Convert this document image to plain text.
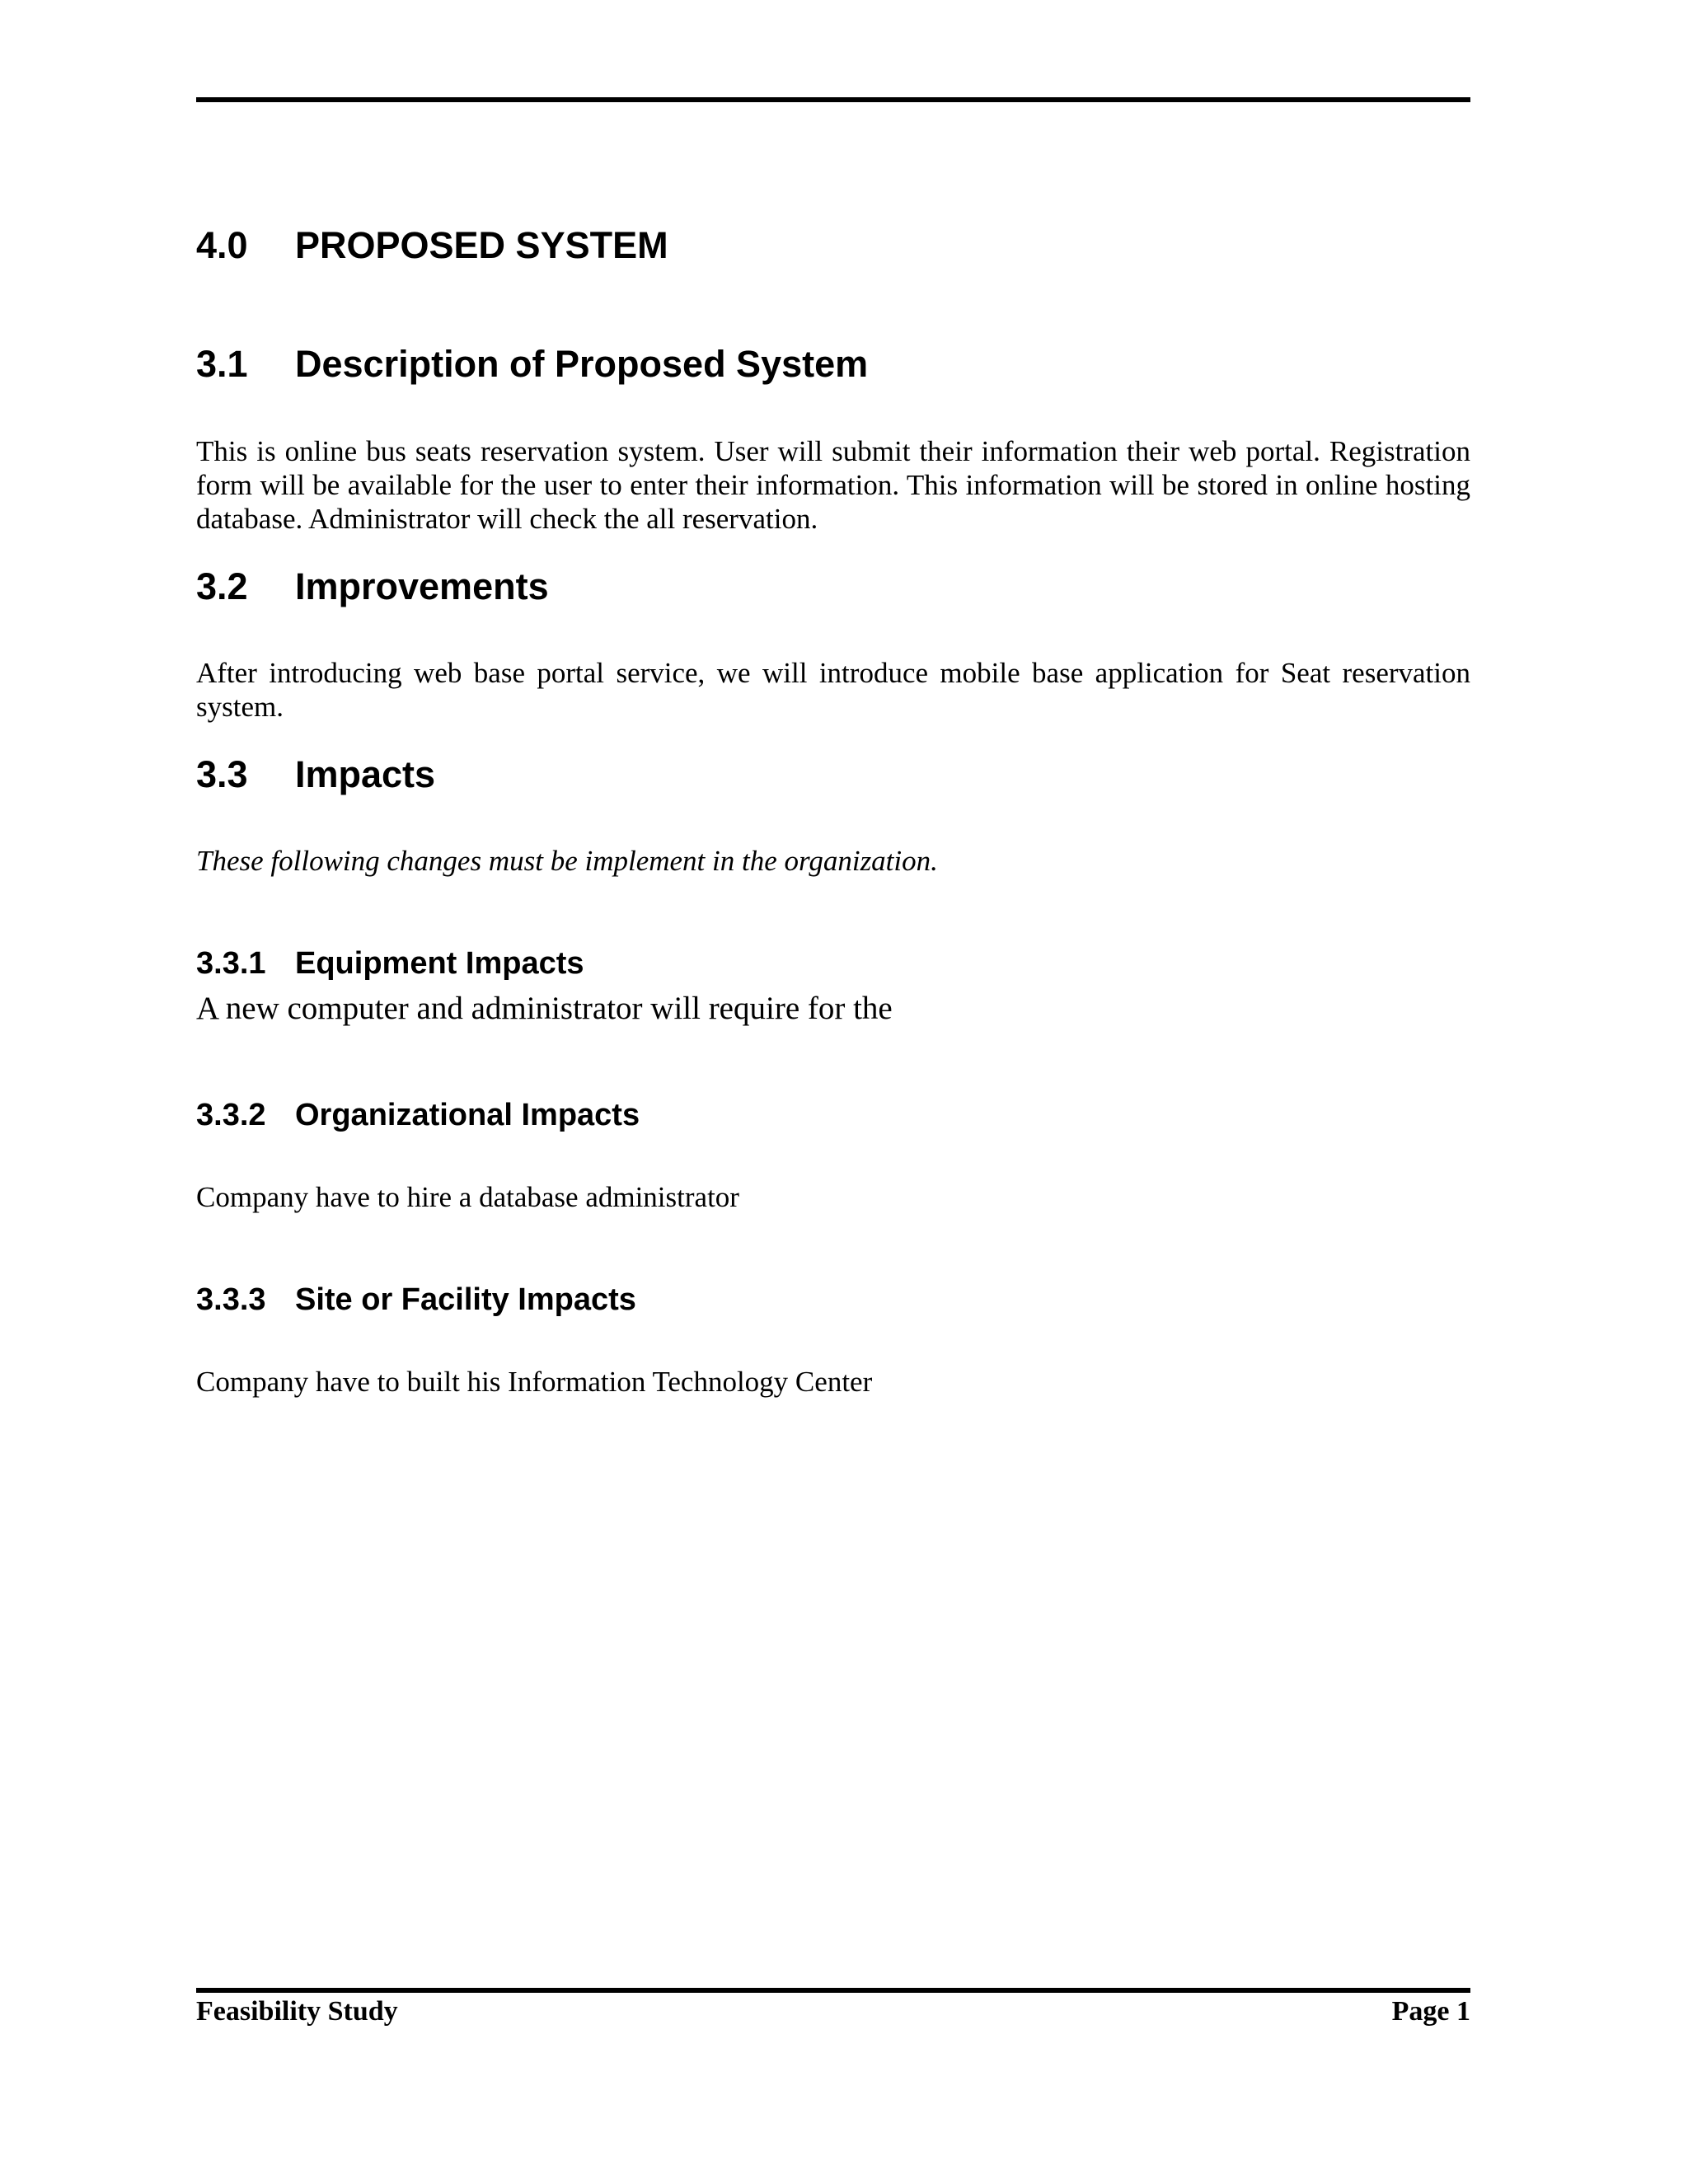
4.0 PROPOSED SYSTEM
3.1 Description of Proposed System

This is online bus seats reservation system. User will submit their information their web portal. Registration form will be available for the user to enter their information. This information will be stored in online hosting database. Administrator will check the all reservation.

3.2 Improvements

After introducing web base portal service, we will introduce mobile base application for Seat reservation system.

3.3 Impacts

These following changes must be implement in the organization.

3.3.1 Equipment Impacts

A new computer and administrator will require for the

3.3.2 Organizational Impacts

Company have to hire a database administrator

3.3.3 Site or Facility Impacts

Company have to built his Information Technology Center

Feasibility Study	Page 1
